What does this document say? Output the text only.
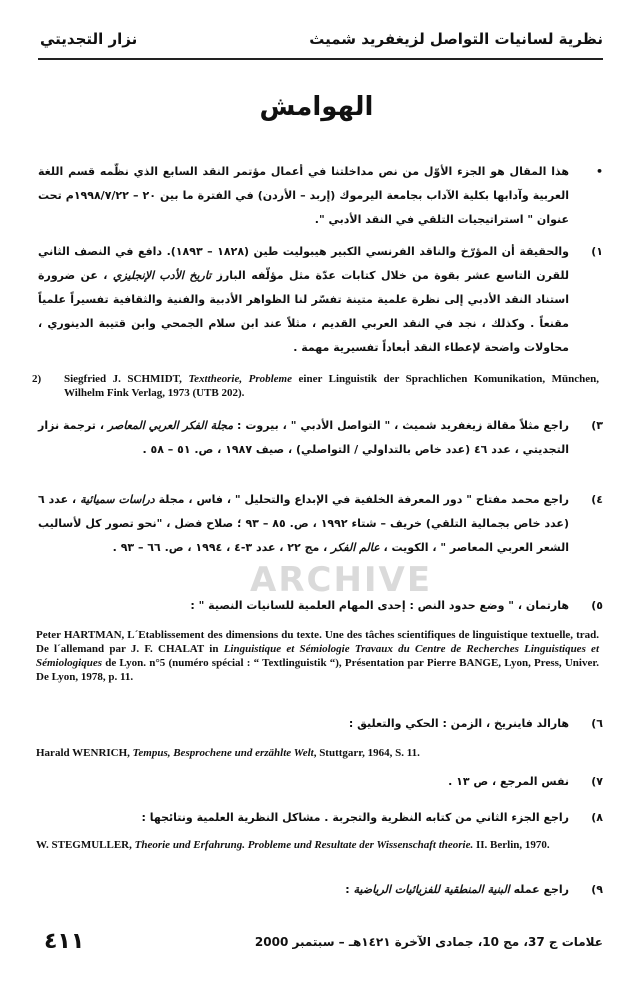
نظرية لسانيات التواصل لزيغفريد شميث
نزار التجديتي
الهوامش
ARCHIVE
•
هذا المقال هو الجزء الأوّل من نص مداخلتنا في أعمال مؤتمر النقد السابع الذي نظّمه قسم اللغة العربية وآدابها بكلية الآداب بجامعة اليرموك (إربد – الأردن) في الفترة ما بين ٢٠ – ١٩٩٨/٧/٢٢م تحت عنوان " استراتيجيات التلقي في النقد الأدبي ".
١)
والحقيقة أن المؤرّخ والناقد الفرنسي الكبير هيبوليت طين (١٨٢٨ – ١٨٩٣). دافع في النصف الثاني للقرن التاسع عشر بقوة من خلال كتابات عدّة مثل مؤلّفه البارز تاريخ الأدب الإنجليزي ، عن ضرورة استناد النقد الأدبي إلى نظرة علمية متينة تفسّر لنا الظواهر الأدبية والفنية والثقافية تفسيراً علمياً مقنعاً . وكذلك ، نجد في النقد العربي القديم ، مثلاً عند ابن سلام الجمحي وابن قتيبة الدينوري ، محاولات واضحة لإعطاء النقد أبعاداً تفسيرية مهمة .
2) Siegfried J. SCHMIDT, Texttheorie, Probleme einer Linguistik der Sprachlichen Komunikation, München, Wilhelm Fink Verlag, 1973 (UTB 202).
٣)
راجع مثلاً مقالة زيغفريد شميث ، " التواصل الأدبي " ، بيروت : مجلة الفكر العربي المعاصر ، ترجمة نزار التجديتي ، عدد ٤٦ (عدد خاص بالتداولي / التواصلي) ، صيف ١٩٨٧ ، ص. ٥١ – ٥٨ .
٤)
راجع محمد مفتاح " دور المعرفة الخلفية في الإبداع والتحليل " ، فاس ، مجلة دراسات سميائية ، عدد ٦ (عدد خاص بجمالية التلقي) خريف – شتاء ١٩٩٢ ، ص. ٨٥ – ٩٣ ؛ صلاح فضل ، "نحو تصور كل لأساليب الشعر العربي المعاصر " ، الكويت ، عالم الفكر ، مج ٢٢ ، عدد ٣-٤ ، ١٩٩٤ ، ص. ٦٦ – ٩٣ .
٥)
هارتمان ، " وضع حدود النص : إحدى المهام العلمية للسانيات النصية " :
Peter HARTMAN, L´Etablissement des dimensions du texte. Une des tâches scientifiques de linguistique textuelle, trad. De l´allemand par J. F. CHALAT in Linguistique et Sémiologie Travaux du Centre de Recherches Linguistiques et Sémiologiques de Lyon. n°5 (numéro spécial : “ Textlinguistik “), Présentation par Pierre BANGE, Lyon, Press, Univer. De Lyon, 1978, p. 11.
٦)
هارالد فاينريخ ، الزمن : الحكي والتعليق :
Harald WENRICH, Tempus, Besprochene und erzählte Welt, Stuttgarr, 1964, S. 11.
٧)
نفس المرجع ، ص ١٣ .
٨)
راجع الجزء الثاني من كتابه النظرية والتجربة . مشاكل النظرية العلمية ونتائجها :
W. STEGMULLER, Theorie und Erfahrung. Probleme und Resultate der Wissenschaft theorie. II. Berlin, 1970.
٩)
راجع عمله البنية المنطقية للفزيائيات الرياضية :
٤١١	علامات ج 37، مج 10، جمادى الآخرة ١٤٢١هـ – سبتمبر 2000
